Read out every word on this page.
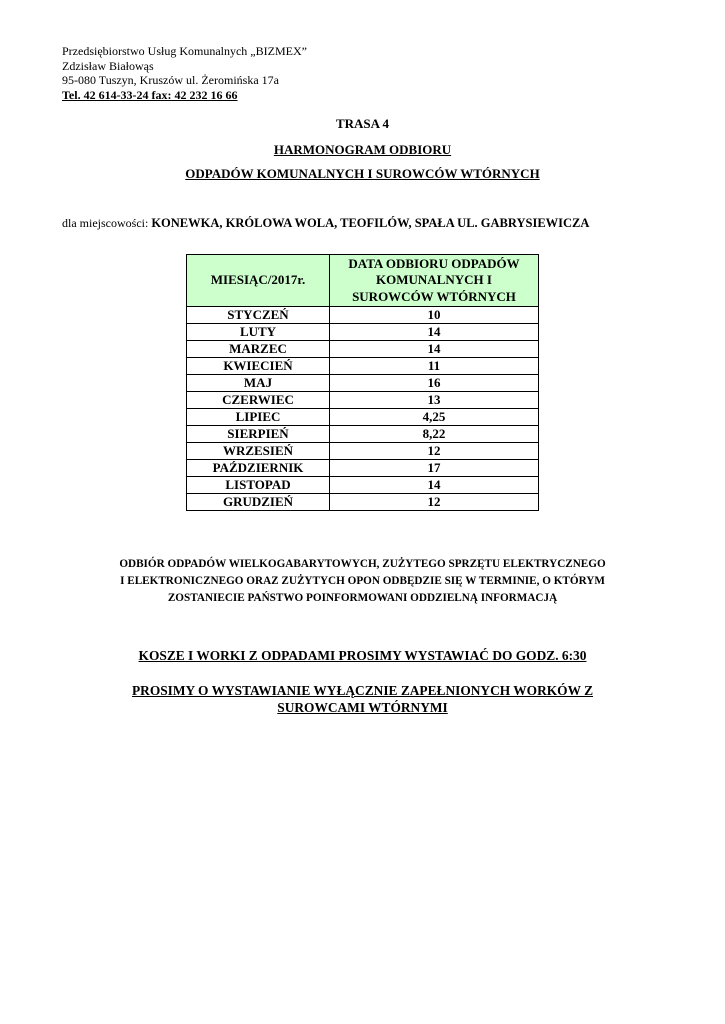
Przedsiębiorstwo Usług Komunalnych „BIZMEX”
Zdzisław Białowąs
95-080 Tuszyn, Kruszów ul. Żeromińska 17a
Tel. 42 614-33-24 fax: 42 232 16 66
TRASA 4
HARMONOGRAM ODBIORU
ODPADÓW KOMUNALNYCH I SUROWCÓW WTÓRNYCH
dla miejscowości: KONEWKA, KRÓLOWA WOLA, TEOFILÓW, SPAŁA UL. GABRYSIEWICZA
MIESIĄC/2017r.	DATA ODBIORU ODPADÓW
KOMUNALNYCH I
SUROWCÓW WTÓRNYCH

STYCZEŃ	10
LUTY	14
MARZEC	14
KWIECIEŃ	11
MAJ	16
CZERWIEC	13
LIPIEC	4,25
SIERPIEŃ	8,22
WRZESIEŃ	12
PAŹDZIERNIK	17
LISTOPAD	14
GRUDZIEŃ	12
ODBIÓR ODPADÓW WIELKOGABARYTOWYCH, ZUŻYTEGO SPRZĘTU ELEKTRYCZNEGO
I ELEKTRONICZNEGO ORAZ ZUŻYTYCH OPON ODBĘDZIE SIĘ W TERMINIE, O KTÓRYM
ZOSTANIECIE PAŃSTWO POINFORMOWANI ODDZIELNĄ INFORMACJĄ
KOSZE I WORKI Z ODPADAMI PROSIMY WYSTAWIAĆ DO GODZ. 6:30
PROSIMY O WYSTAWIANIE WYŁĄCZNIE ZAPEŁNIONYCH WORKÓW Z
SUROWCAMI WTÓRNYMI
